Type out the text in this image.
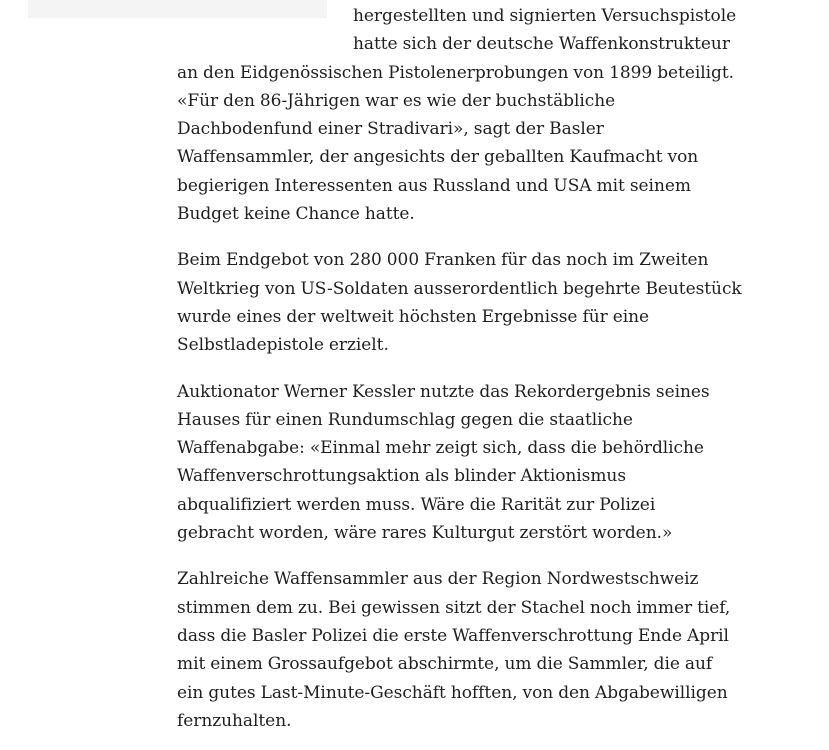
hergestellten und signierten Versuchspistole
hatte sich der deutsche Waffenkonstrukteur
an den Eidgenössischen Pistolenerprobungen von 1899 beteiligt.
«Für den 86-Jährigen war es wie der buchstäbliche
Dachbodenfund einer Stradivari», sagt der Basler
Waffensammler, der angesichts der geballten Kaufmacht von
begierigen Interessenten aus Russland und USA mit seinem
Budget keine Chance hatte.

Beim Endgebot von 280 000 Franken für das noch im Zweiten
Weltkrieg von US-Soldaten ausserordentlich begehrte Beutestück
wurde eines der weltweit höchsten Ergebnisse für eine
Selbstladepistole erzielt.

Auktionator Werner Kessler nutzte das Rekordergebnis seines
Hauses für einen Rundumschlag gegen die staatliche
Waffenabgabe: «Einmal mehr zeigt sich, dass die behördliche
Waffenverschrottungsaktion als blinder Aktionismus
abqualifiziert werden muss. Wäre die Rarität zur Polizei
gebracht worden, wäre rares Kulturgut zerstört worden.»

Zahlreiche Waffensammler aus der Region Nordwestschweiz
stimmen dem zu. Bei gewissen sitzt der Stachel noch immer tief,
dass die Basler Polizei die erste Waffenverschrottung Ende April
mit einem Grossaufgebot abschirmte, um die Sammler, die auf
ein gutes Last-Minute-Geschäft hofften, von den Abgabewilligen
fernzuhalten.
